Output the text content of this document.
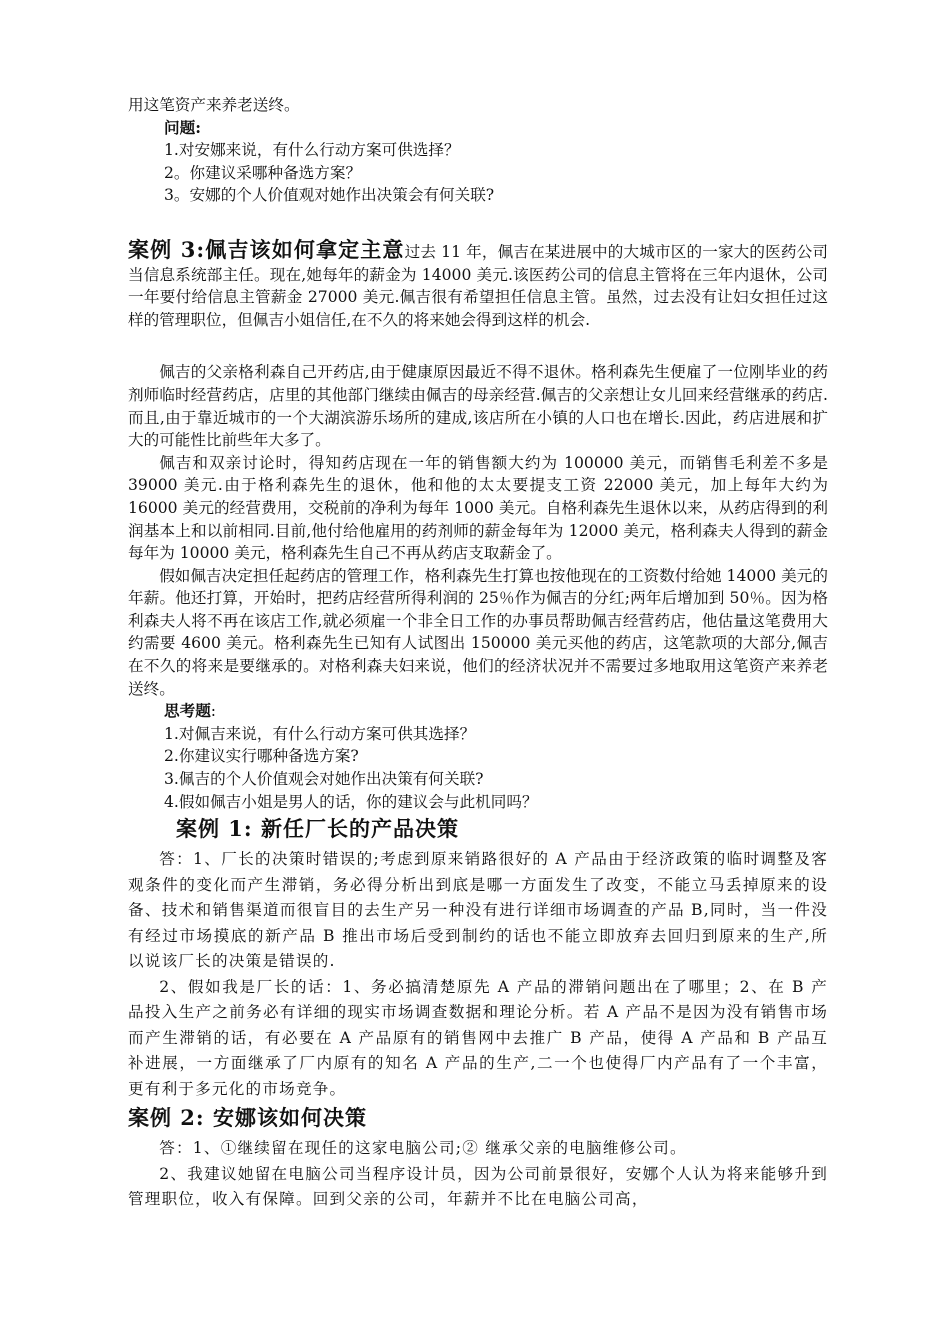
用这笔资产来养老送终。

问题:

1.对安娜来说，有什么行动方案可供选择？

2。你建议采哪种备选方案？

3。安娜的个人价值观对她作出决策会有何关联?

案例 3:佩吉该如何拿定主意过去 11 年，佩吉在某进展中的大城市区的一家大的医药公司当信息系统部主任。现在,她每年的薪金为 14000 美元.该医药公司的信息主管将在三年内退休，公司一年要付给信息主管薪金 27000 美元.佩吉很有希望担任信息主管。虽然，过去没有让妇女担任过这样的管理职位，但佩吉小姐信任,在不久的将来她会得到这样的机会.

佩吉的父亲格利森自己开药店,由于健康原因最近不得不退休。格利森先生便雇了一位刚毕业的药剂师临时经营药店，店里的其他部门继续由佩吉的母亲经营.佩吉的父亲想让女儿回来经营继承的药店.而且,由于靠近城市的一个大湖滨游乐场所的建成,该店所在小镇的人口也在增长.因此，药店进展和扩大的可能性比前些年大多了。

佩吉和双亲讨论时，得知药店现在一年的销售额大约为 100000 美元，而销售毛利差不多是 39000 美元.由于格利森先生的退休，他和他的太太要提支工资 22000 美元，加上每年大约为 16000 美元的经营费用，交税前的净利为每年 1000 美元。自格利森先生退休以来，从药店得到的利润基本上和以前相同.目前,他付给他雇用的药剂师的薪金每年为 12000 美元，格利森夫人得到的薪金每年为 10000 美元，格利森先生自己不再从药店支取薪金了。

假如佩吉决定担任起药店的管理工作，格利森先生打算也按他现在的工资数付给她 14000 美元的年薪。他还打算，开始时，把药店经营所得利润的 25％作为佩吉的分红;两年后增加到 50％。因为格利森夫人将不再在该店工作,就必须雇一个非全日工作的办事员帮助佩吉经营药店，他估量这笔费用大约需要 4600 美元。格利森先生已知有人试图出 150000 美元买他的药店，这笔款项的大部分,佩吉在不久的将来是要继承的。对格利森夫妇来说，他们的经济状况并不需要过多地取用这笔资产来养老送终。

思考题:

1.对佩吉来说，有什么行动方案可供其选择？

2.你建议实行哪种备选方案?

3.佩吉的个人价值观会对她作出决策有何关联?

4.假如佩吉小姐是男人的话，你的建议会与此机同吗？

案例 1: 新任厂长的产品决策

答：1、厂长的决策时错误的;考虑到原来销路很好的 A 产品由于经济政策的临时调整及客观条件的变化而产生滞销，务必得分析出到底是哪一方面发生了改变，不能立马丢掉原来的设备、技术和销售渠道而很盲目的去生产另一种没有进行详细市场调查的产品 B,同时，当一件没有经过市场摸底的新产品 B 推出市场后受到制约的话也不能立即放弃去回归到原来的生产,所以说该厂长的决策是错误的.

2、假如我是厂长的话：1、务必搞清楚原先 A 产品的滞销问题出在了哪里；2、在 B 产品投入生产之前务必有详细的现实市场调查数据和理论分析。若 A 产品不是因为没有销售市场而产生滞销的话，有必要在 A 产品原有的销售网中去推广 B 产品，使得 A 产品和 B 产品互补进展，一方面继承了厂内原有的知名 A 产品的生产,二一个也使得厂内产品有了一个丰富，更有利于多元化的市场竞争。

案例 2: 安娜该如何决策

答：1、①继续留在现任的这家电脑公司;② 继承父亲的电脑维修公司。

2、我建议她留在电脑公司当程序设计员，因为公司前景很好，安娜个人认为将来能够升到管理职位，收入有保障。回到父亲的公司，年薪并不比在电脑公司高，
